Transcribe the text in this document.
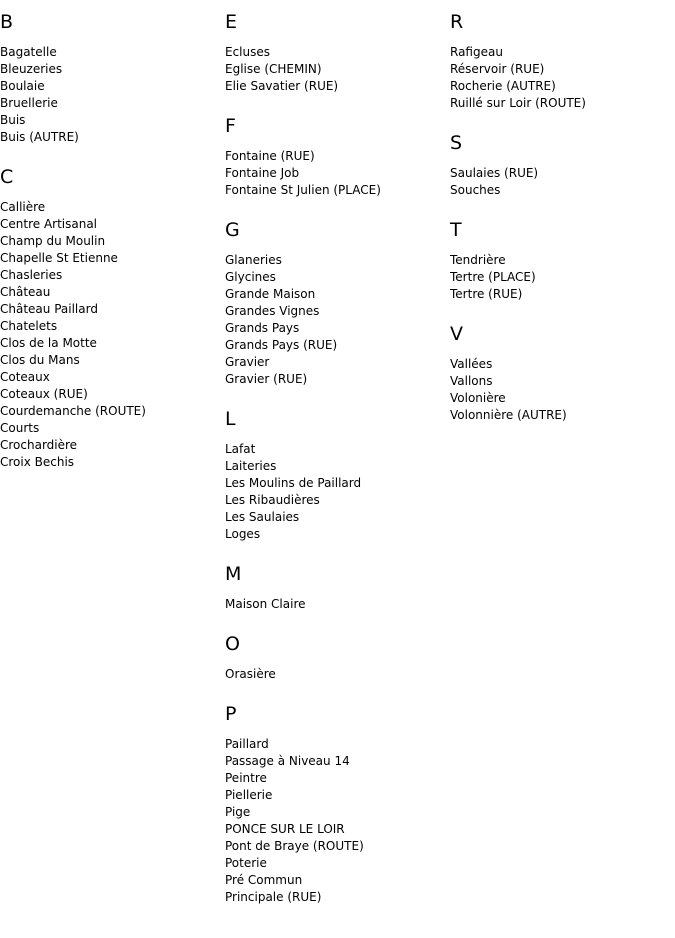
B
Bagatelle
Bleuzeries
Boulaie
Bruellerie
Buis
Buis (AUTRE)
C
Callière
Centre Artisanal
Champ du Moulin
Chapelle St Etienne
Chasleries
Château
Château Paillard
Chatelets
Clos de la Motte
Clos du Mans
Coteaux
Coteaux (RUE)
Courdemanche (ROUTE)
Courts
Crochardière
Croix Bechis
E
Ecluses
Eglise (CHEMIN)
Elie Savatier (RUE)
F
Fontaine (RUE)
Fontaine Job
Fontaine St Julien (PLACE)
G
Glaneries
Glycines
Grande Maison
Grandes Vignes
Grands Pays
Grands Pays (RUE)
Gravier
Gravier (RUE)
L
Lafat
Laiteries
Les Moulins de Paillard
Les Ribaudières
Les Saulaies
Loges
M
Maison Claire
O
Orasière
P
Paillard
Passage à Niveau 14
Peintre
Piellerie
Pige
PONCE SUR LE LOIR
Pont de Braye (ROUTE)
Poterie
Pré Commun
Principale (RUE)
R
Rafigeau
Réservoir (RUE)
Rocherie (AUTRE)
Ruillé sur Loir (ROUTE)
S
Saulaies (RUE)
Souches
T
Tendrière
Tertre (PLACE)
Tertre (RUE)
V
Vallées
Vallons
Volonière
Volonnière (AUTRE)
